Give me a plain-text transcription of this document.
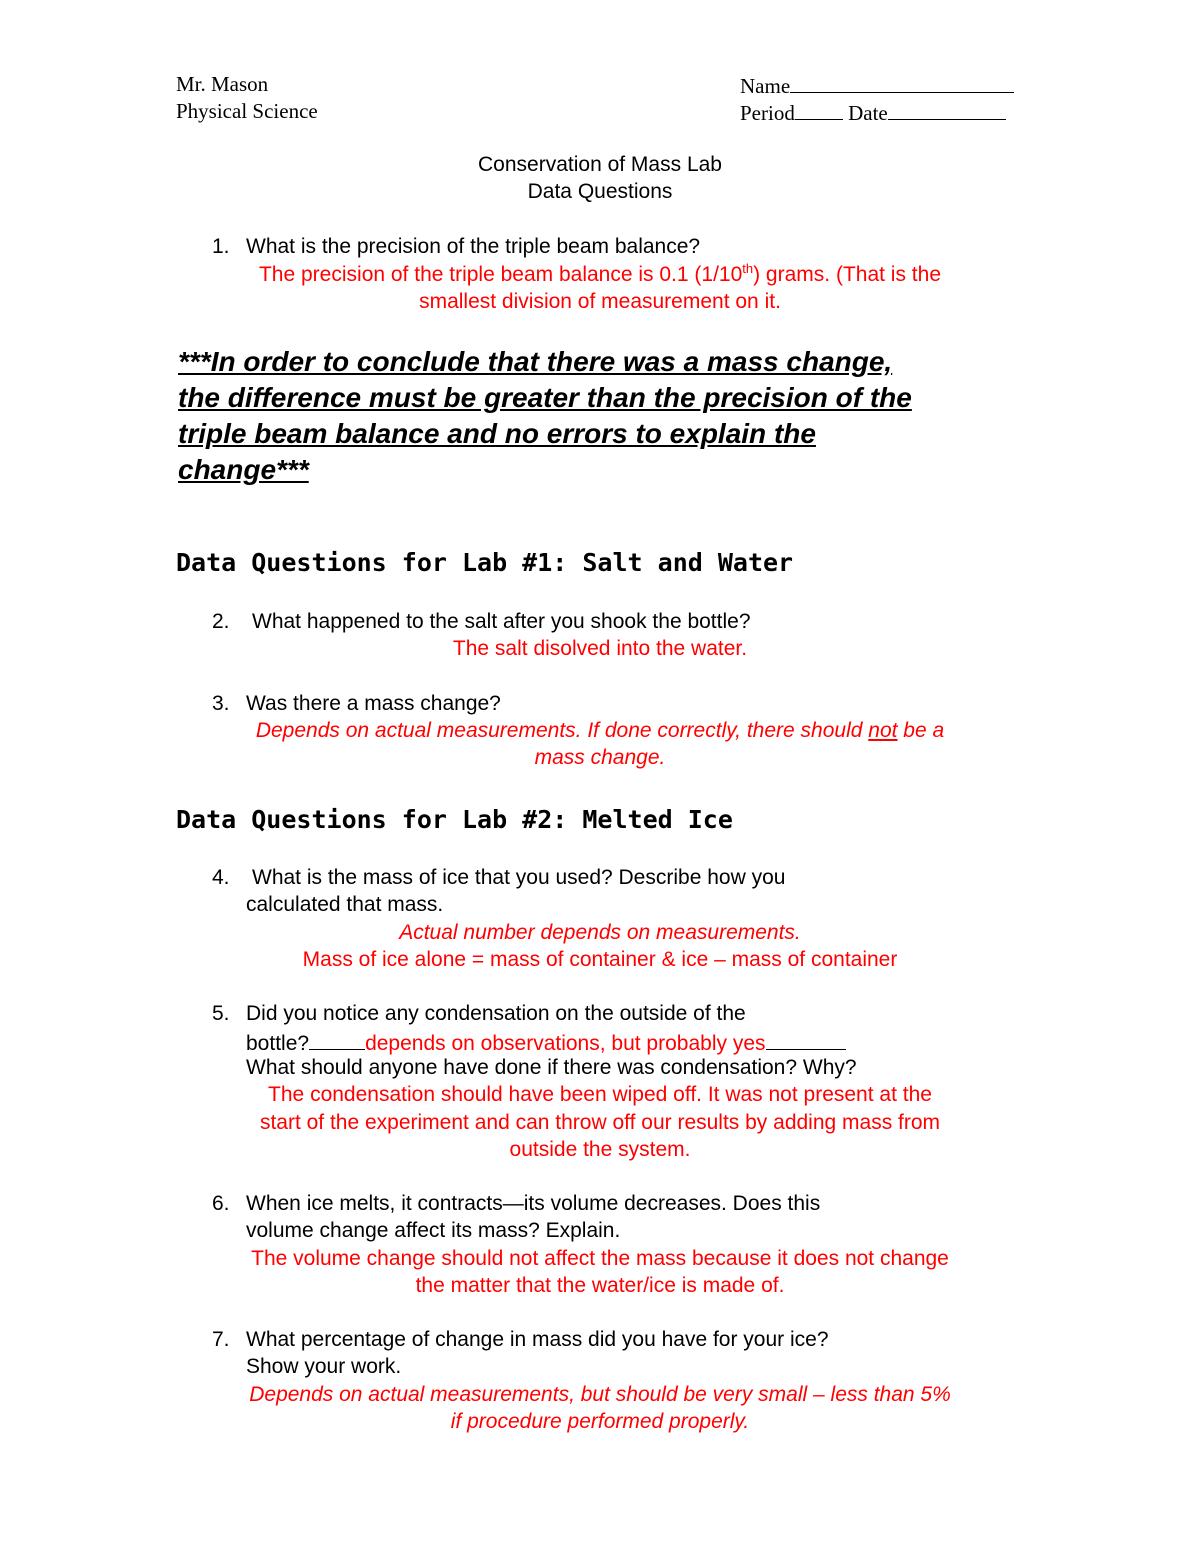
Mr. Mason
Physical Science
Name
Period	Date
Conservation of Mass Lab
Data Questions
1. What is the precision of the triple beam balance?
The precision of the triple beam balance is 0.1 (1/10th) grams. (That is the
smallest division of measurement on it.
***In order to conclude that there was a mass change,
the difference must be greater than the precision of the
triple beam balance and no errors to explain the
change***
Data Questions for Lab #1: Salt and Water
2. What happened to the salt after you shook the bottle?
The salt disolved into the water.
3. Was there a mass change?
Depends on actual measurements. If done correctly, there should not be a
mass change.
Data Questions for Lab #2: Melted Ice
4. What is the mass of ice that you used? Describe how you
calculated that mass.
Actual number depends on measurements.
Mass of ice alone = mass of container & ice – mass of container
5. Did you notice any condensation on the outside of the
bottle?	depends on observations, but probably yes
What should anyone have done if there was condensation? Why?
The condensation should have been wiped off. It was not present at the
start of the experiment and can throw off our results by adding mass from
outside the system.
6. When ice melts, it contracts—its volume decreases. Does this
volume change affect its mass? Explain.
The volume change should not affect the mass because it does not change
the matter that the water/ice is made of.
7. What percentage of change in mass did you have for your ice?
Show your work.
Depends on actual measurements, but should be very small – less than 5%
if procedure performed properly.
